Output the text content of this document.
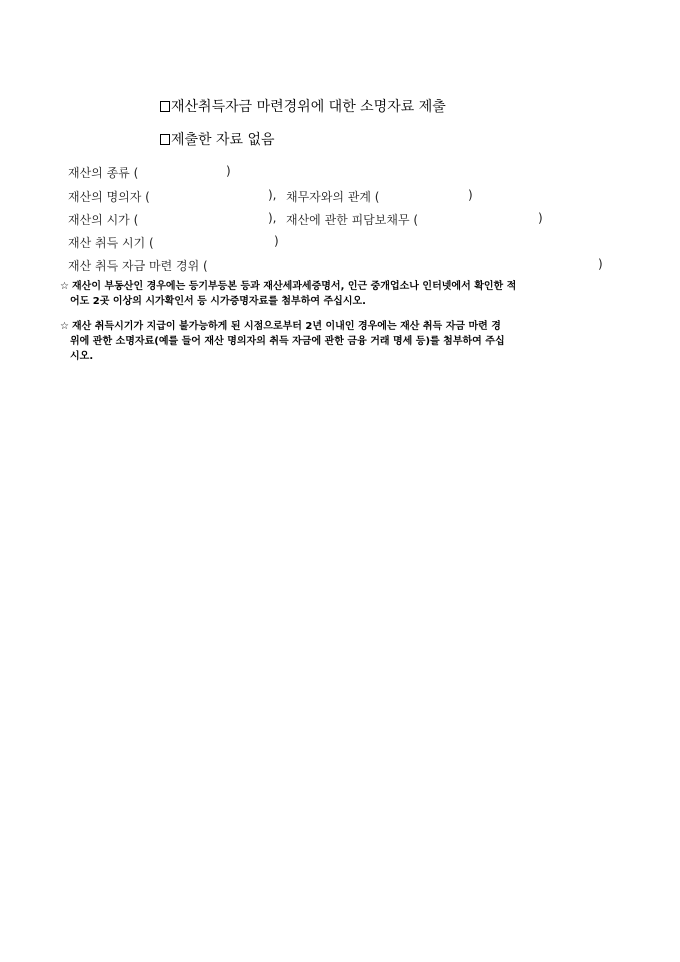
재산취득자금 마련경위에 대한 소명자료 제출
제출한 자료 없음
재산의 종류 (	)
재산의 명의자 (	), 채무자와의 관계 (	)
재산의 시가 (	), 재산에 관한 피담보채무 (	)
재산 취득 시기 (	)
재산 취득 자금 마련 경위 (	)
☆ 재산이 부동산인 경우에는 등기부등본 등과 재산세과세증명서, 인근 중개업소나 인터넷에서 확인한 적
어도 2곳 이상의 시가확인서 등 시가증명자료를 첨부하여 주십시오.
☆ 재산 취득시기가 지급이 불가능하게 된 시점으로부터 2년 이내인 경우에는 재산 취득 자금 마련 경
위에 관한 소명자료(예를 들어 재산 명의자의 취득 자금에 관한 금융 거래 명세 등)를 첨부하여 주십
시오.
